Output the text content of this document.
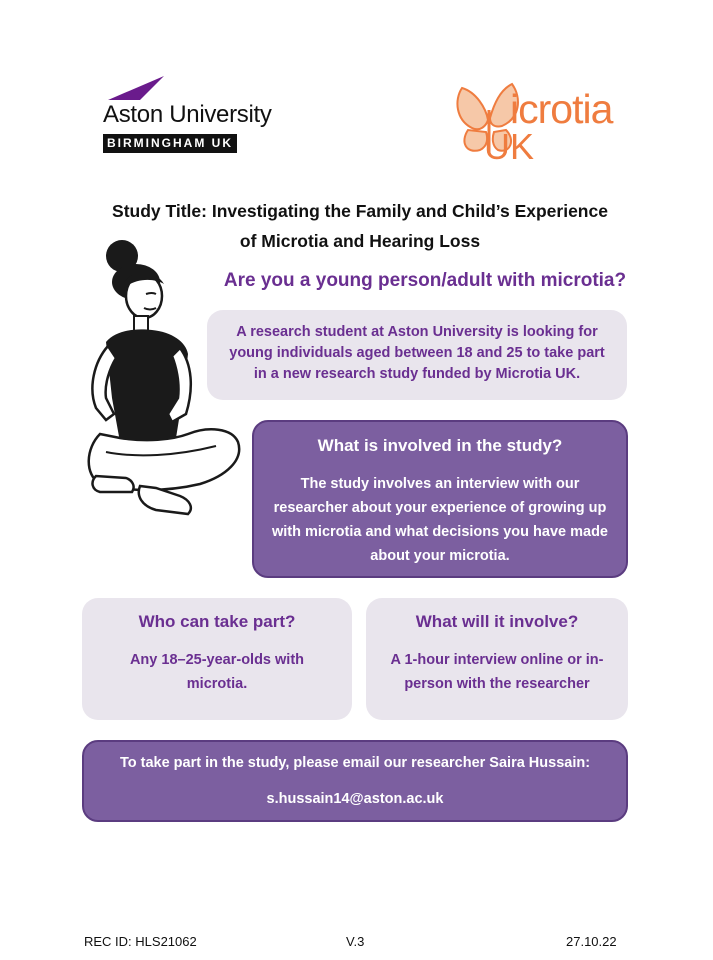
Aston University
BIRMINGHAM UK
icrotia
UK
Study Title: Investigating the Family and Child’s Experience
of Microtia and Hearing Loss
Are you a young person/adult with microtia?
A research student at Aston University is looking for young individuals aged between 18 and 25 to take part in a new research study funded by Microtia UK.
What is involved in the study?
The study involves an interview with our researcher about your experience of growing up with microtia and what decisions you have made about your microtia.
Who can take part?
Any 18–25-year-olds with microtia.
What will it involve?
A 1-hour interview online or in-person with the researcher
To take part in the study, please email our researcher Saira Hussain:
s.hussain14@aston.ac.uk
REC ID: HLS21062	V.3	27.10.22
